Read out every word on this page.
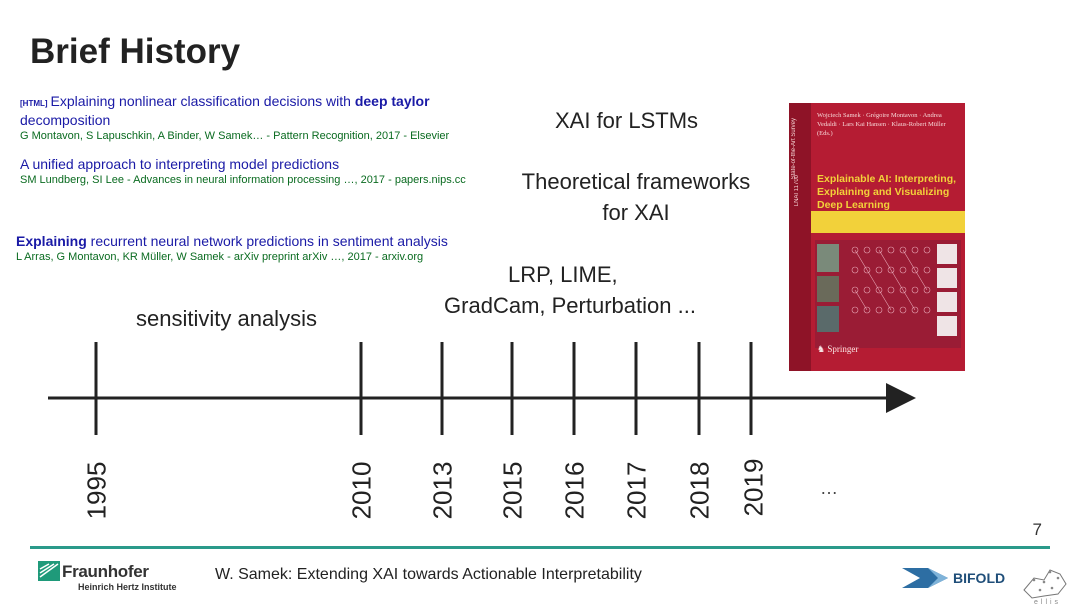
Brief History
[HTML] Explaining nonlinear classification decisions with deep taylor
decomposition
G Montavon, S Lapuschkin, A Binder, W Samek… - Pattern Recognition, 2017 - Elsevier
A unified approach to interpreting model predictions
SM Lundberg, SI Lee - Advances in neural information processing …, 2017 - papers.nips.cc
Explaining recurrent neural network predictions in sentiment analysis
L Arras, G Montavon, KR Müller, W Samek - arXiv preprint arXiv …, 2017 - arxiv.org
sensitivity analysis
LRP, LIME,
GradCam, Perturbation ...
Theoretical frameworks
for XAI
XAI for LSTMs
1995	2010 2013 2015 2016 2017 2018 2019	…
State-of-the-Art Survey
LNAI 11700
Wojciech Samek · Grégoire Montavon · Andrea Vedaldi · Lars Kai Hansen · Klaus-Robert Müller (Eds.)
Explainable AI: Interpreting, Explaining and Visualizing Deep Learning
♞ Springer
7
Fraunhofer
Heinrich Hertz Institute
W. Samek: Extending XAI towards Actionable Interpretability	BIFOLD
ellis
